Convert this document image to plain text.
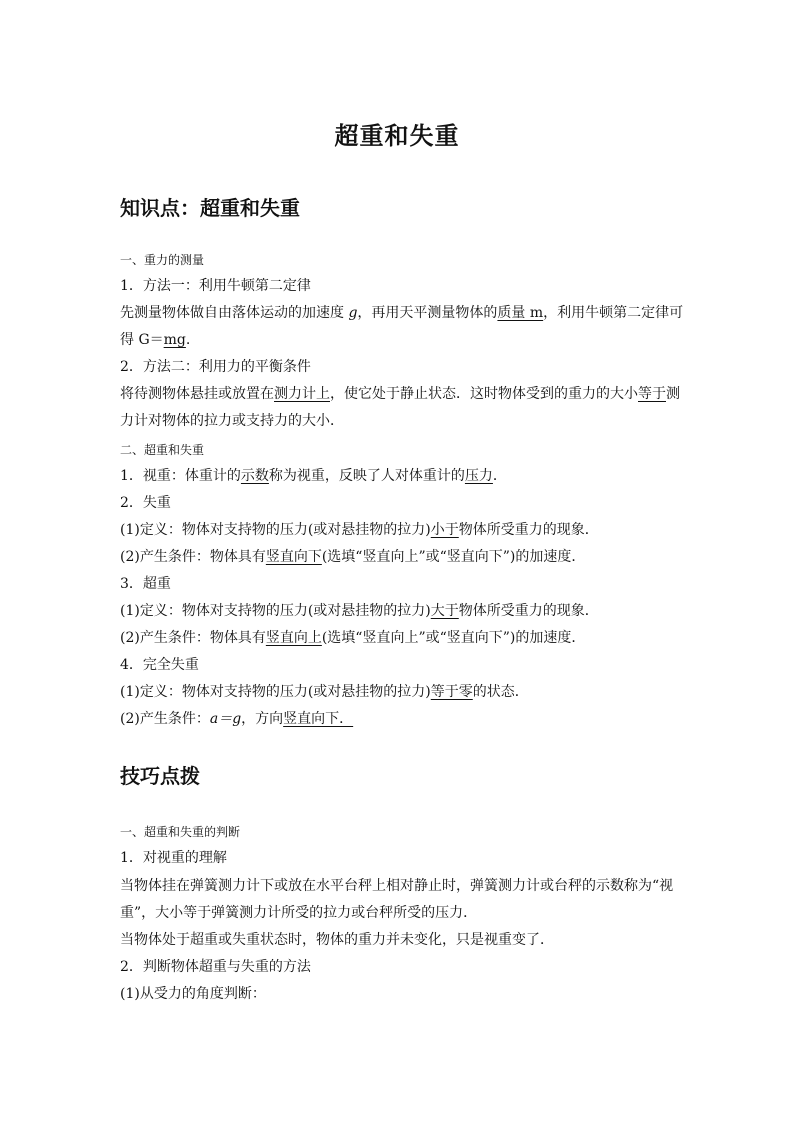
超重和失重
知识点：超重和失重
一、重力的测量
1．方法一：利用牛顿第二定律
先测量物体做自由落体运动的加速度 g，再用天平测量物体的质量 m，利用牛顿第二定律可
得 G＝mg.
2．方法二：利用力的平衡条件
将待测物体悬挂或放置在测力计上，使它处于静止状态．这时物体受到的重力的大小等于测
力计对物体的拉力或支持力的大小．
二、超重和失重
1．视重：体重计的示数称为视重，反映了人对体重计的压力．
2．失重
(1)定义：物体对支持物的压力(或对悬挂物的拉力)小于物体所受重力的现象．
(2)产生条件：物体具有竖直向下(选填“竖直向上”或“竖直向下”)的加速度．
3．超重
(1)定义：物体对支持物的压力(或对悬挂物的拉力)大于物体所受重力的现象．
(2)产生条件：物体具有竖直向上(选填“竖直向上”或“竖直向下”)的加速度．
4．完全失重
(1)定义：物体对支持物的压力(或对悬挂物的拉力)等于零的状态．
(2)产生条件：a＝g，方向竖直向下．
技巧点拨
一、超重和失重的判断
1．对视重的理解
当物体挂在弹簧测力计下或放在水平台秤上相对静止时，弹簧测力计或台秤的示数称为“视
重”，大小等于弹簧测力计所受的拉力或台秤所受的压力．
当物体处于超重或失重状态时，物体的重力并未变化，只是视重变了．
2．判断物体超重与失重的方法
(1)从受力的角度判断：
